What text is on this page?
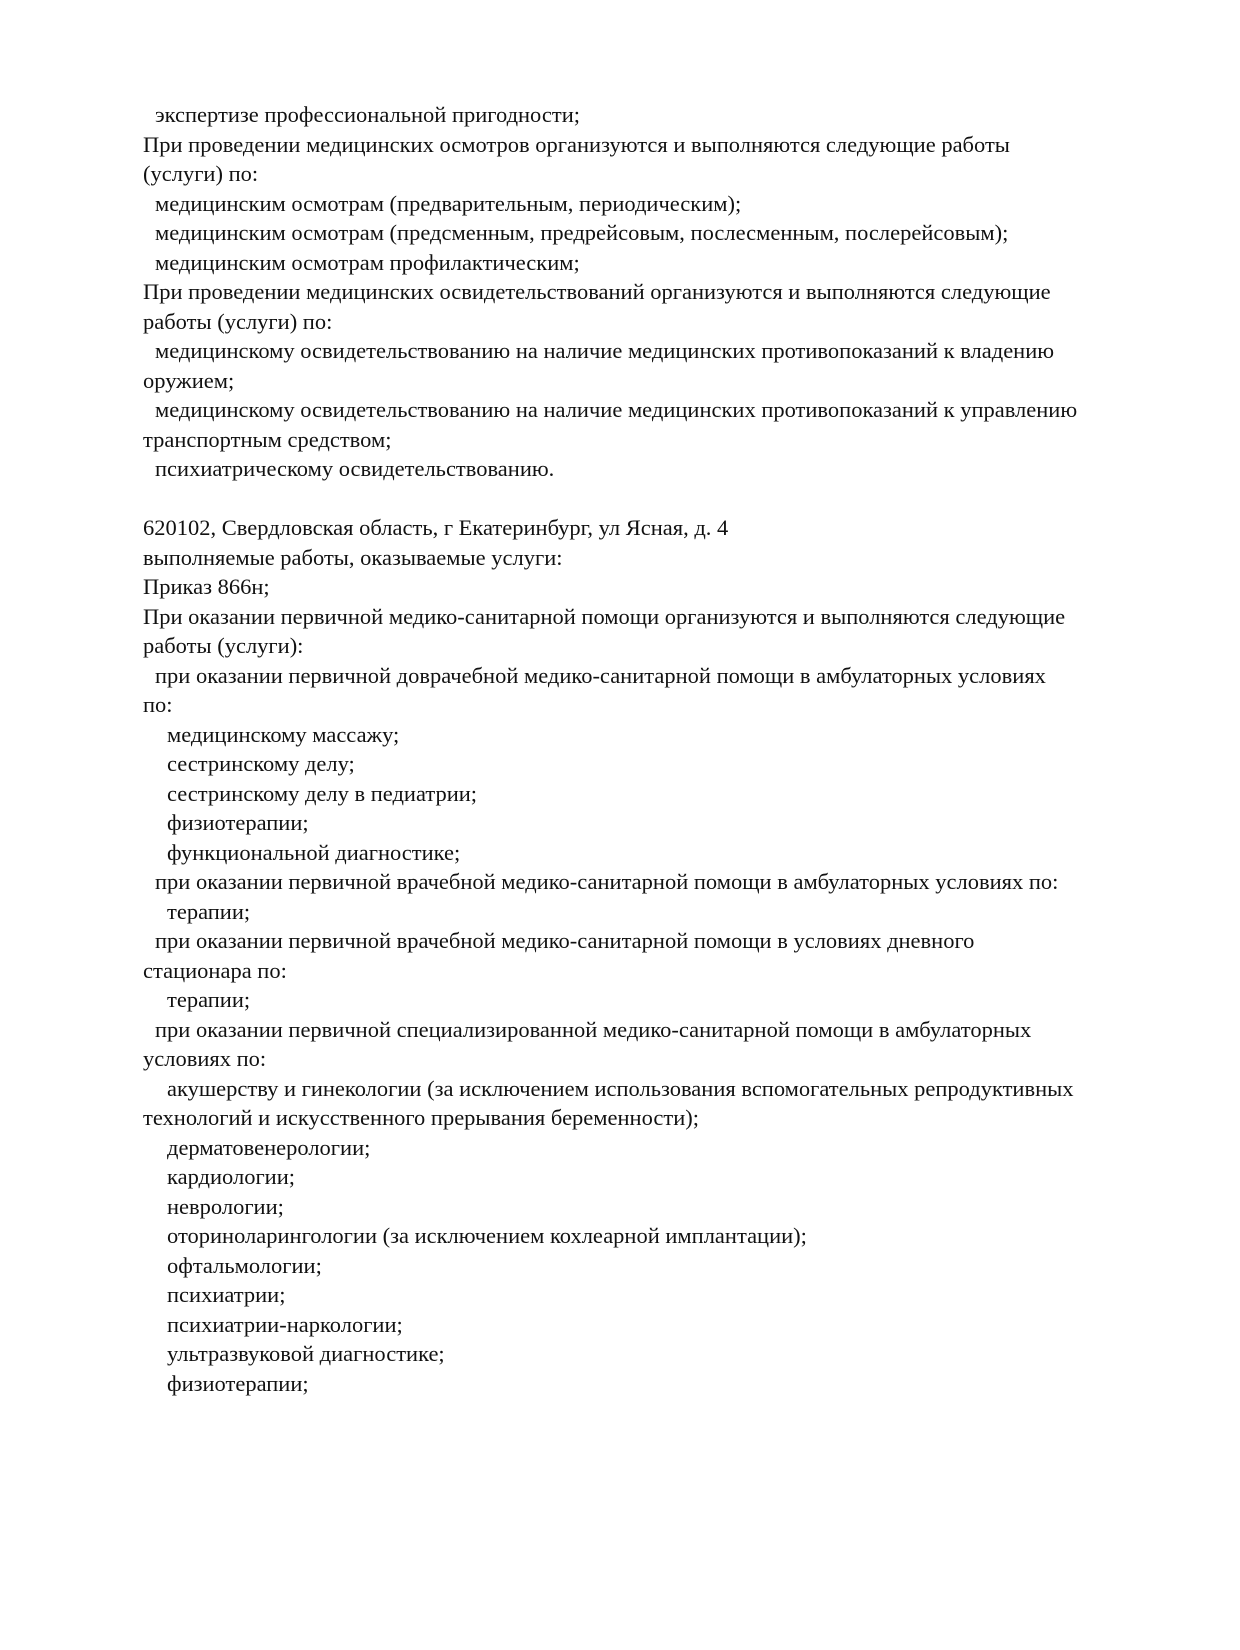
экспертизе профессиональной пригодности;
При проведении медицинских осмотров организуются и выполняются следующие работы
(услуги) по:
медицинским осмотрам (предварительным, периодическим);
медицинским осмотрам (предсменным, предрейсовым, послесменным, послерейсовым);
медицинским осмотрам профилактическим;
При проведении медицинских освидетельствований организуются и выполняются следующие
работы (услуги) по:
медицинскому освидетельствованию на наличие медицинских противопоказаний к владению
оружием;
медицинскому освидетельствованию на наличие медицинских противопоказаний к управлению
транспортным средством;
психиатрическому освидетельствованию.
620102, Свердловская область, г Екатеринбург, ул Ясная, д. 4
выполняемые работы, оказываемые услуги:
Приказ 866н;
При оказании первичной медико-санитарной помощи организуются и выполняются следующие
работы (услуги):
при оказании первичной доврачебной медико-санитарной помощи в амбулаторных условиях
по:
медицинскому массажу;
сестринскому делу;
сестринскому делу в педиатрии;
физиотерапии;
функциональной диагностике;
при оказании первичной врачебной медико-санитарной помощи в амбулаторных условиях по:
терапии;
при оказании первичной врачебной медико-санитарной помощи в условиях дневного
стационара по:
терапии;
при оказании первичной специализированной медико-санитарной помощи в амбулаторных
условиях по:
акушерству и гинекологии (за исключением использования вспомогательных репродуктивных
технологий и искусственного прерывания беременности);
дерматовенерологии;
кардиологии;
неврологии;
оториноларингологии (за исключением кохлеарной имплантации);
офтальмологии;
психиатрии;
психиатрии-наркологии;
ультразвуковой диагностике;
физиотерапии;
